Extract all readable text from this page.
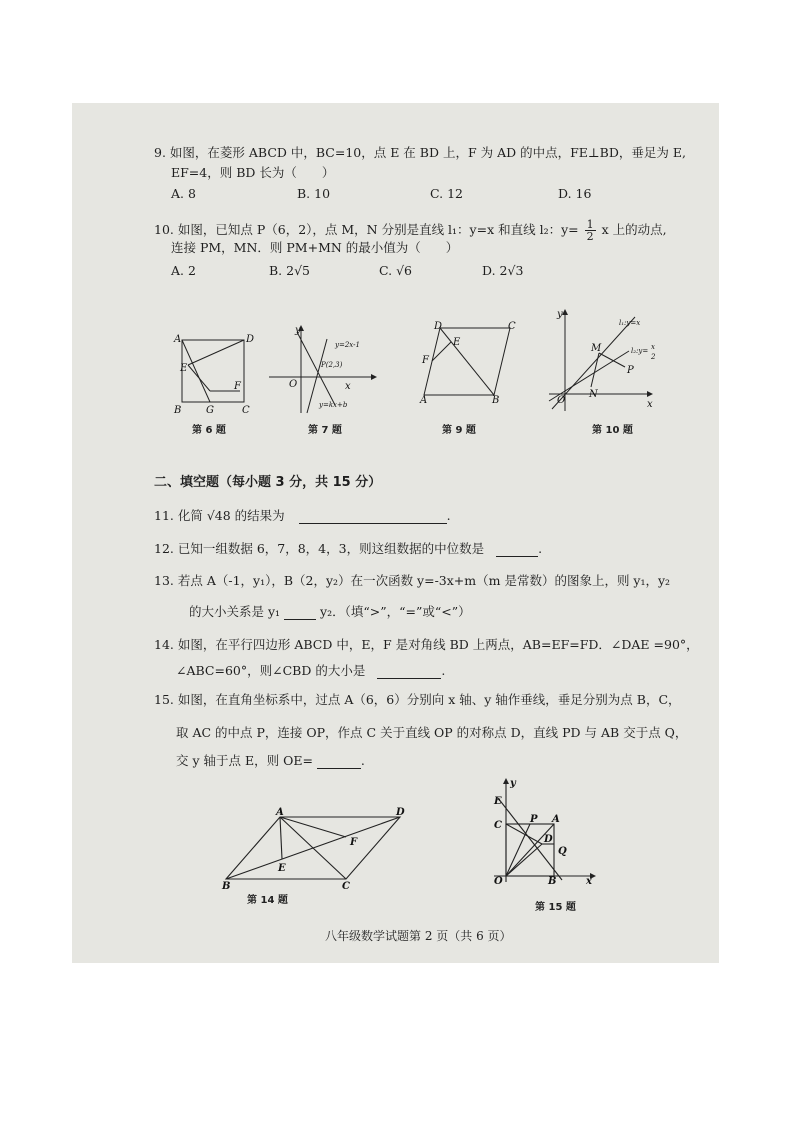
9. 如图，在菱形 ABCD 中，BC=10，点 E 在 BD 上，F 为 AD 的中点，FE⊥BD，垂足为 E,
EF=4，则 BD 长为（　　）
A. 8	B. 10	C. 12	D. 16
10. 如图，已知点 P（6，2），点 M，N 分别是直线 l₁：y=x 和直线 l₂：$y= \frac{1}{2}$ x 上的动点,
连接 PM，MN．则 PM+MN 的最小值为（　　）
A. 2	B. 2√5	C. √6	D. 2√3
A	D
E
F
B G	C
第 6 题
y
y=2x-1
P(2,3)
O	x
y=kx+b
第 7 题
D	C
E
F
A	B
第 9 题
y
l₁:y=x
M	l₂:y= x
2
P
N
O	x
第 10 题
二、填空题（每小题 3 分，共 15 分）
11. 化简 √48 的结果为	.
12. 已知一组数据 6，7，8，4，3，则这组数据的中位数是	.
13. 若点 A（-1，y₁），B（2，y₂）在一次函数 y=-3x+m（m 是常数）的图象上，则 y₁，y₂
的大小关系是 y₁	y₂．（填“>”，“=”或“<”）
14. 如图，在平行四边形 ABCD 中，E，F 是对角线 BD 上两点，AB=EF=FD．∠DAE =90°，
∠ABC=60°，则∠CBD 的大小是	.
15. 如图，在直角坐标系中，过点 A（6，6）分别向 x 轴、y 轴作垂线，垂足分别为点 B，C，
取 AC 的中点 P，连接 OP，作点 C 关于直线 OP 的对称点 D，直线 PD 与 AB 交于点 Q，
交 y 轴于点 E，则 OE=	.
A	D
F
E
B	C
第 14 题
y
E
P A
C
D
Q
O	B	x
第 15 题
八年级数学试题第 2 页（共 6 页）
